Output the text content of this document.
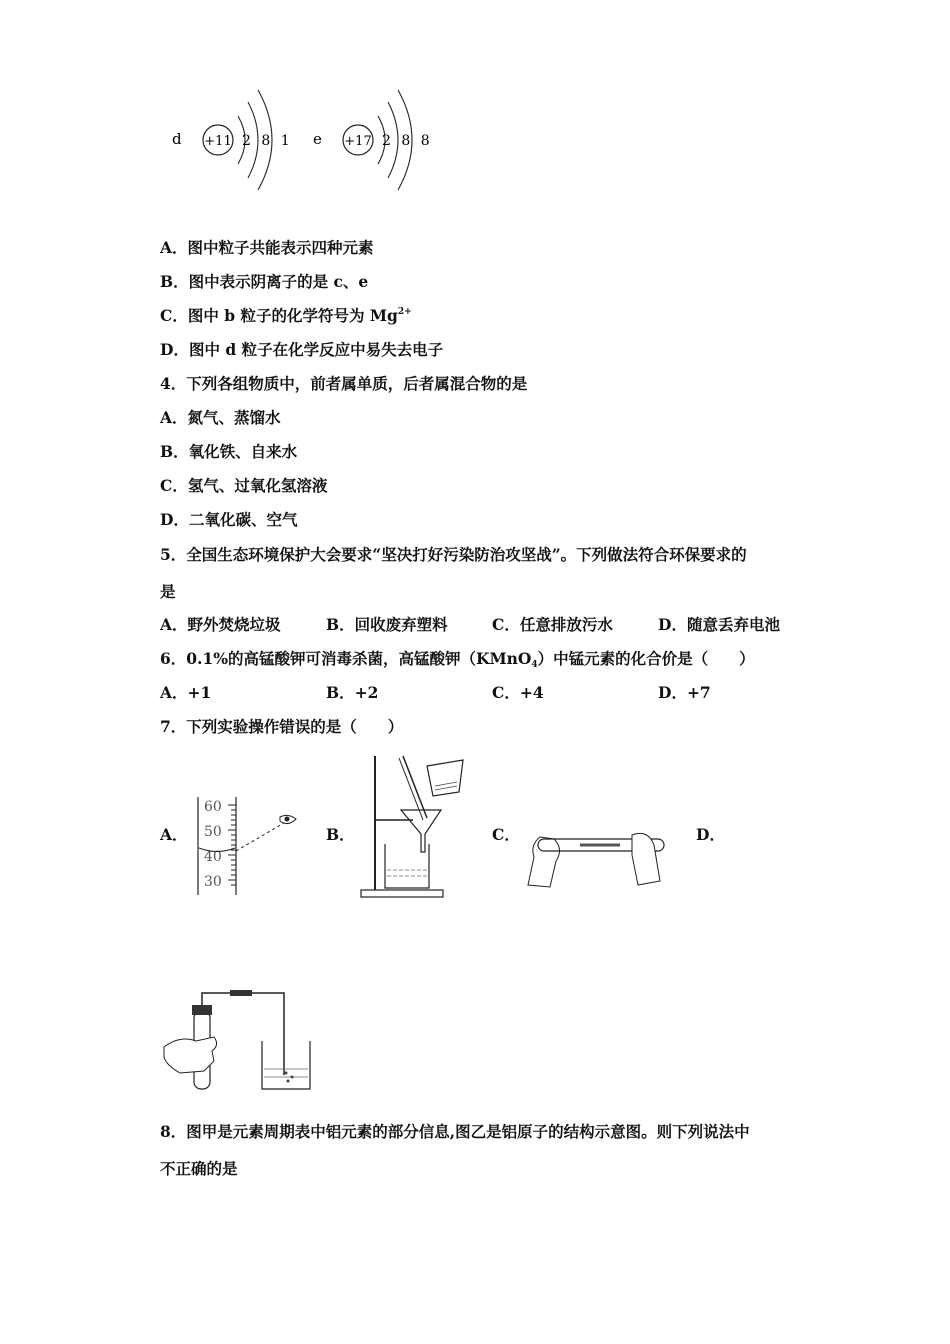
d +11 2 8 1 e +17 2 8 8
A．图中粒子共能表示四种元素
B．图中表示阴离子的是 c、e
C．图中 b 粒子的化学符号为 $Mg^{2+}$
D．图中 d 粒子在化学反应中易失去电子
4．下列各组物质中，前者属单质，后者属混合物的是
A．氮气、蒸馏水
B．氧化铁、自来水
C．氢气、过氧化氢溶液
D．二氧化碳、空气
5．全国生态环境保护大会要求“坚决打好污染防治攻坚战”。下列做法符合环保要求的
是
A．野外焚烧垃圾	B．回收废弃塑料	C．任意排放污水	D．随意丢弃电池
6．0.1%的高锰酸钾可消毒杀菌，高锰酸钾（KMnO$_4$）中锰元素的化合价是（　　）
A．+1	B．+2	C．+4	D．+7
7．下列实验操作错误的是（　　）
A．	B．	C．	D．
60
50
40
30
8．图甲是元素周期表中铝元素的部分信息,图乙是铝原子的结构示意图。则下列说法中
不正确的是
